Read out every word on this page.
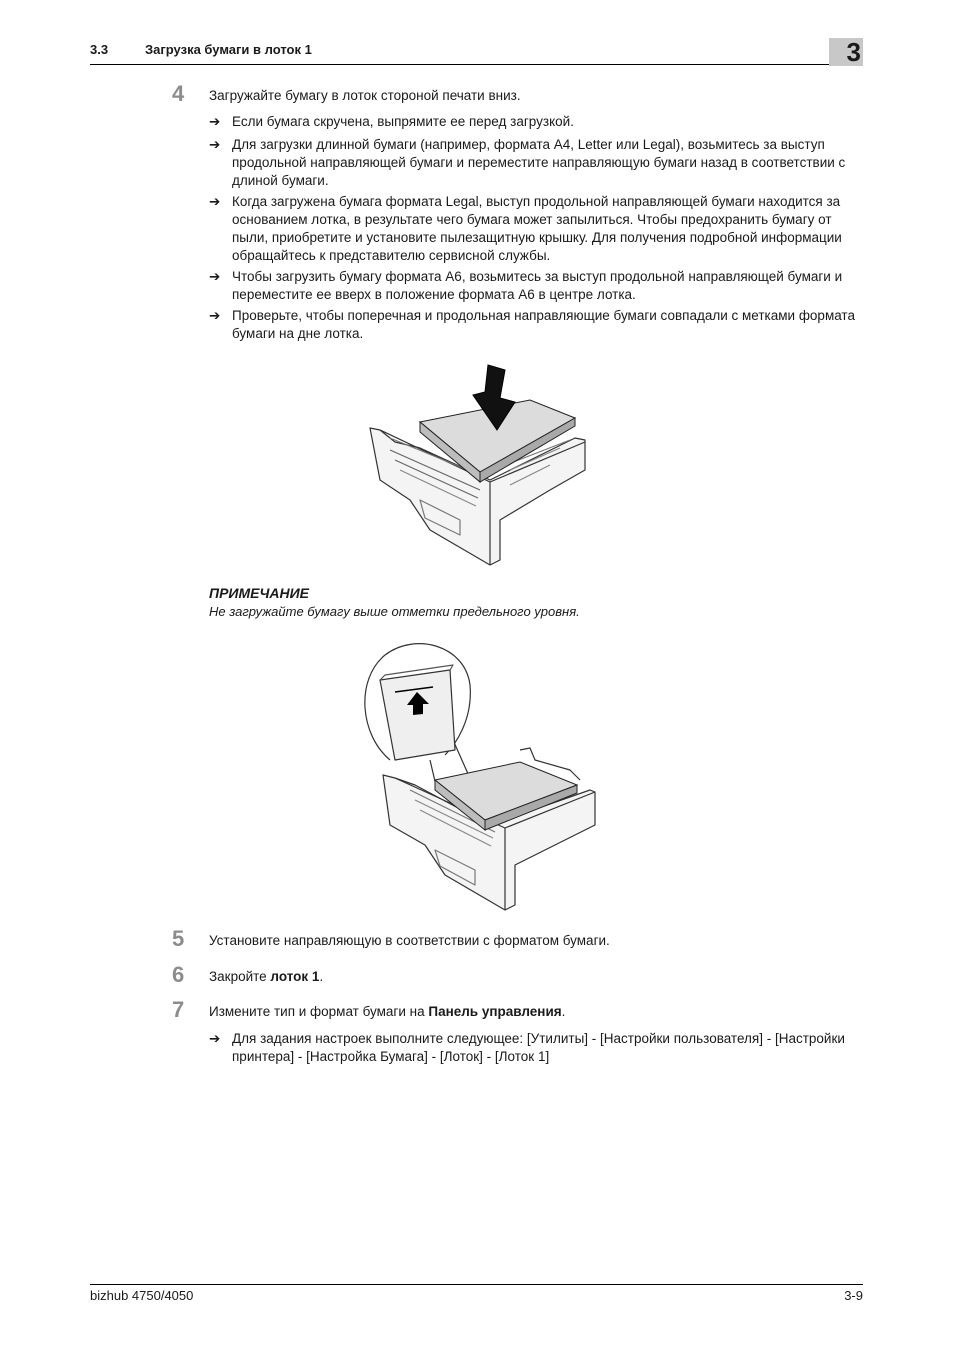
3.3	Загрузка бумаги в лоток 1	3
4 Загружайте бумагу в лоток стороной печати вниз.
➔ Если бумага скручена, выпрямите ее перед загрузкой.
➔ Для загрузки длинной бумаги (например, формата A4, Letter или Legal), возьмитесь за выступ продольной направляющей бумаги и переместите направляющую бумаги назад в соответствии с длиной бумаги.
➔ Когда загружена бумага формата Legal, выступ продольной направляющей бумаги находится за основанием лотка, в результате чего бумага может запылиться. Чтобы предохранить бумагу от пыли, приобретите и установите пылезащитную крышку. Для получения подробной информации обращайтесь к представителю сервисной службы.
➔ Чтобы загрузить бумагу формата A6, возьмитесь за выступ продольной направляющей бумаги и переместите ее вверх в положение формата A6 в центре лотка.
➔ Проверьте, чтобы поперечная и продольная направляющие бумаги совпадали с метками формата бумаги на дне лотка.
ПРИМЕЧАНИЕ
Не загружайте бумагу выше отметки предельного уровня.
5 Установите направляющую в соответствии с форматом бумаги.
6 Закройте лоток 1.
7 Измените тип и формат бумаги на Панель управления.
➔ Для задания настроек выполните следующее: [Утилиты] - [Настройки пользователя] - [Настройки принтера] - [Настройка Бумага] - [Лоток] - [Лоток 1]
bizhub 4750/4050	3-9
